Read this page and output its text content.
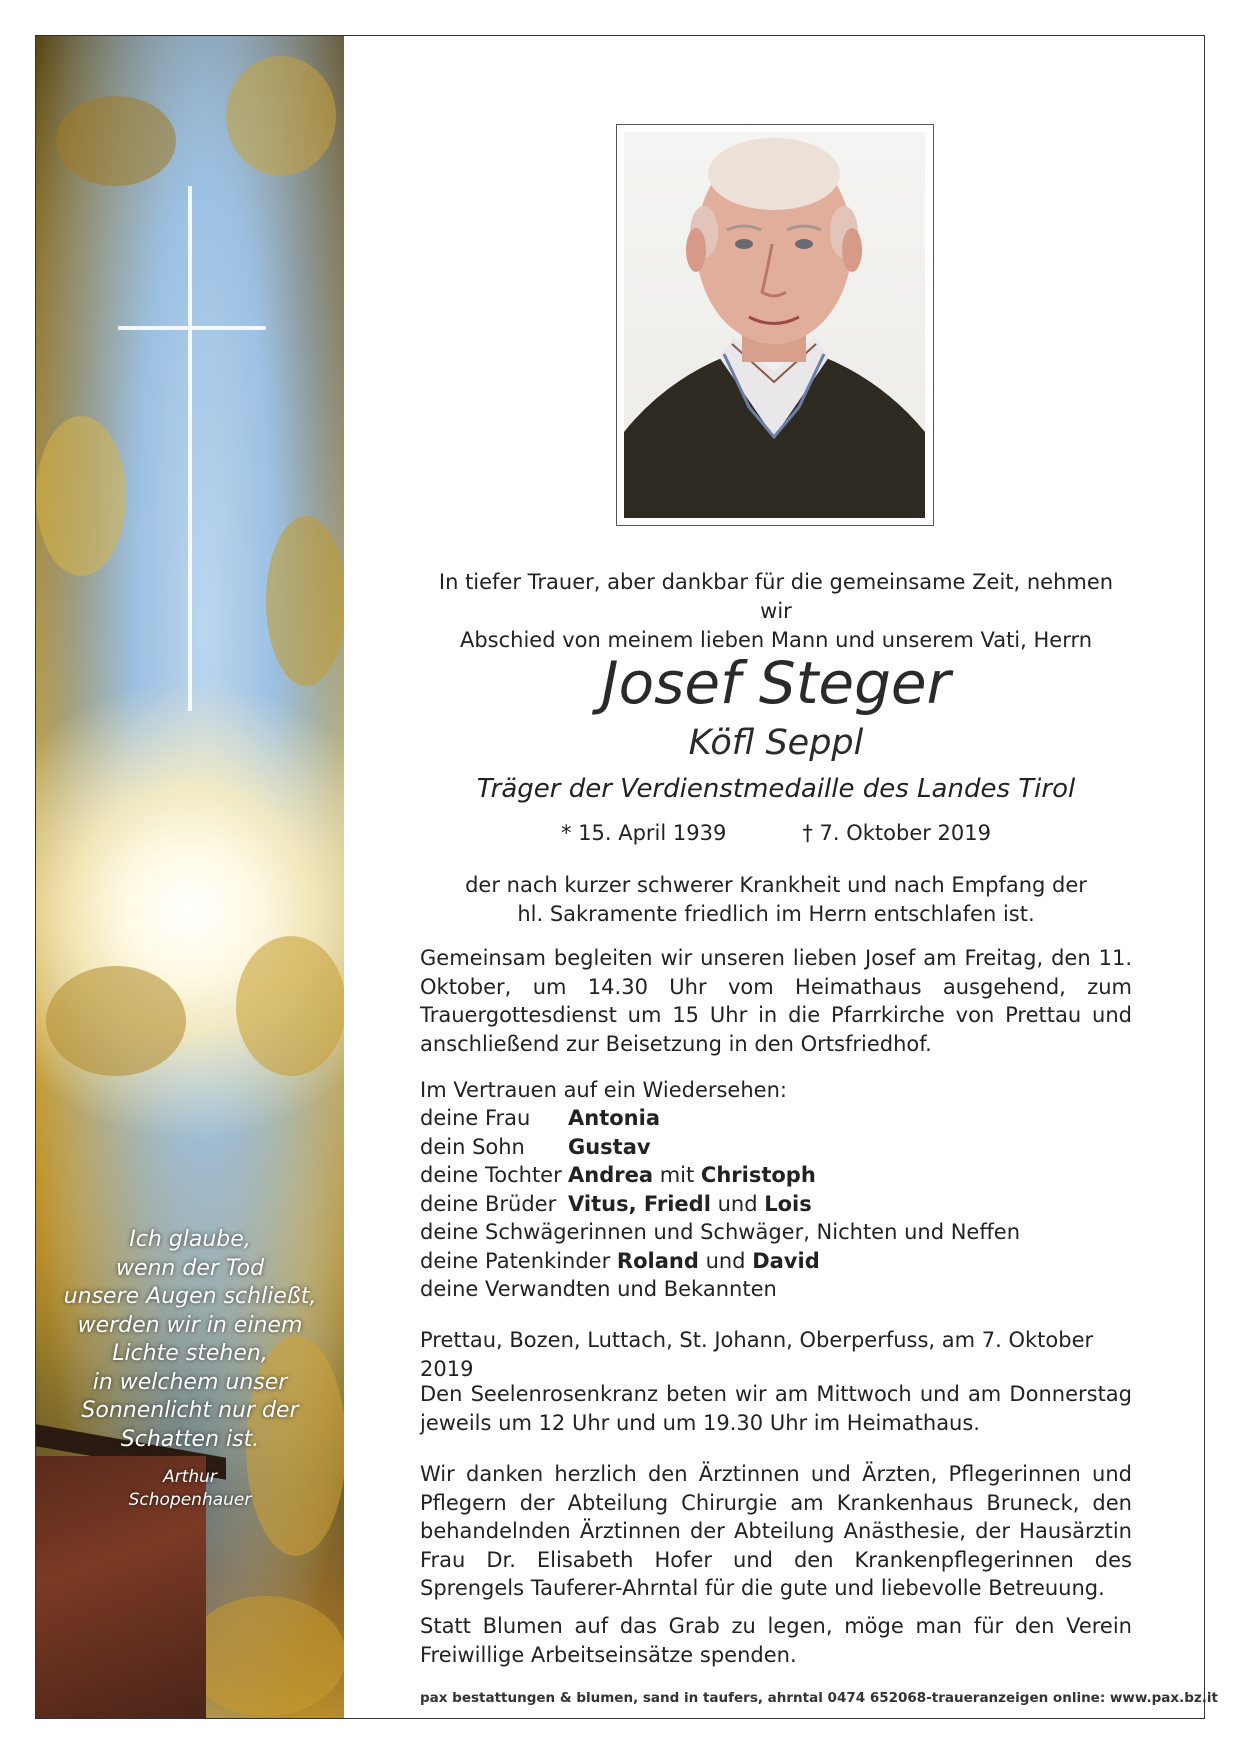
Ich glaube,
wenn der Tod
unsere Augen schließt,
werden wir in einem
Lichte stehen,
in welchem unser
Sonnenlicht nur der
Schatten ist.
Arthur
Schopenhauer
In tiefer Trauer, aber dankbar für die gemeinsame Zeit, nehmen wir
Abschied von meinem lieben Mann und unserem Vati, Herrn
Josef Steger
Köfl Seppl
Träger der Verdienstmedaille des Landes Tirol
* 15. April 1939	† 7. Oktober 2019
der nach kurzer schwerer Krankheit und nach Empfang der
hl. Sakramente friedlich im Herrn entschlafen ist.
Gemeinsam begleiten wir unseren lieben Josef am Freitag, den 11. Oktober, um 14.30 Uhr vom Heimathaus ausgehend, zum Trauergottesdienst um 15 Uhr in die Pfarrkirche von Prettau und anschließend zur Beisetzung in den Ortsfriedhof.
Im Vertrauen auf ein Wiedersehen:
deine Frau Antonia
dein Sohn Gustav
deine Tochter Andrea mit Christoph
deine Brüder Vitus, Friedl und Lois
deine Schwägerinnen und Schwäger, Nichten und Neffen
deine Patenkinder Roland und David
deine Verwandten und Bekannten
Prettau, Bozen, Luttach, St. Johann, Oberperfuss, am 7. Oktober 2019
Den Seelenrosenkranz beten wir am Mittwoch und am Donnerstag jeweils um 12 Uhr und um 19.30 Uhr im Heimathaus.
Wir danken herzlich den Ärztinnen und Ärzten, Pflegerinnen und Pflegern der Abteilung Chirurgie am Krankenhaus Bruneck, den behandelnden Ärztinnen der Abteilung Anästhesie, der Hausärztin Frau Dr. Elisabeth Hofer und den Krankenpflegerinnen des Sprengels Tauferer-Ahrntal für die gute und liebevolle Betreuung.
Statt Blumen auf das Grab zu legen, möge man für den Verein Freiwillige Arbeitseinsätze spenden.
pax bestattungen & blumen, sand in taufers, ahrntal 0474 652068-traueranzeigen online: www.pax.bz.it
